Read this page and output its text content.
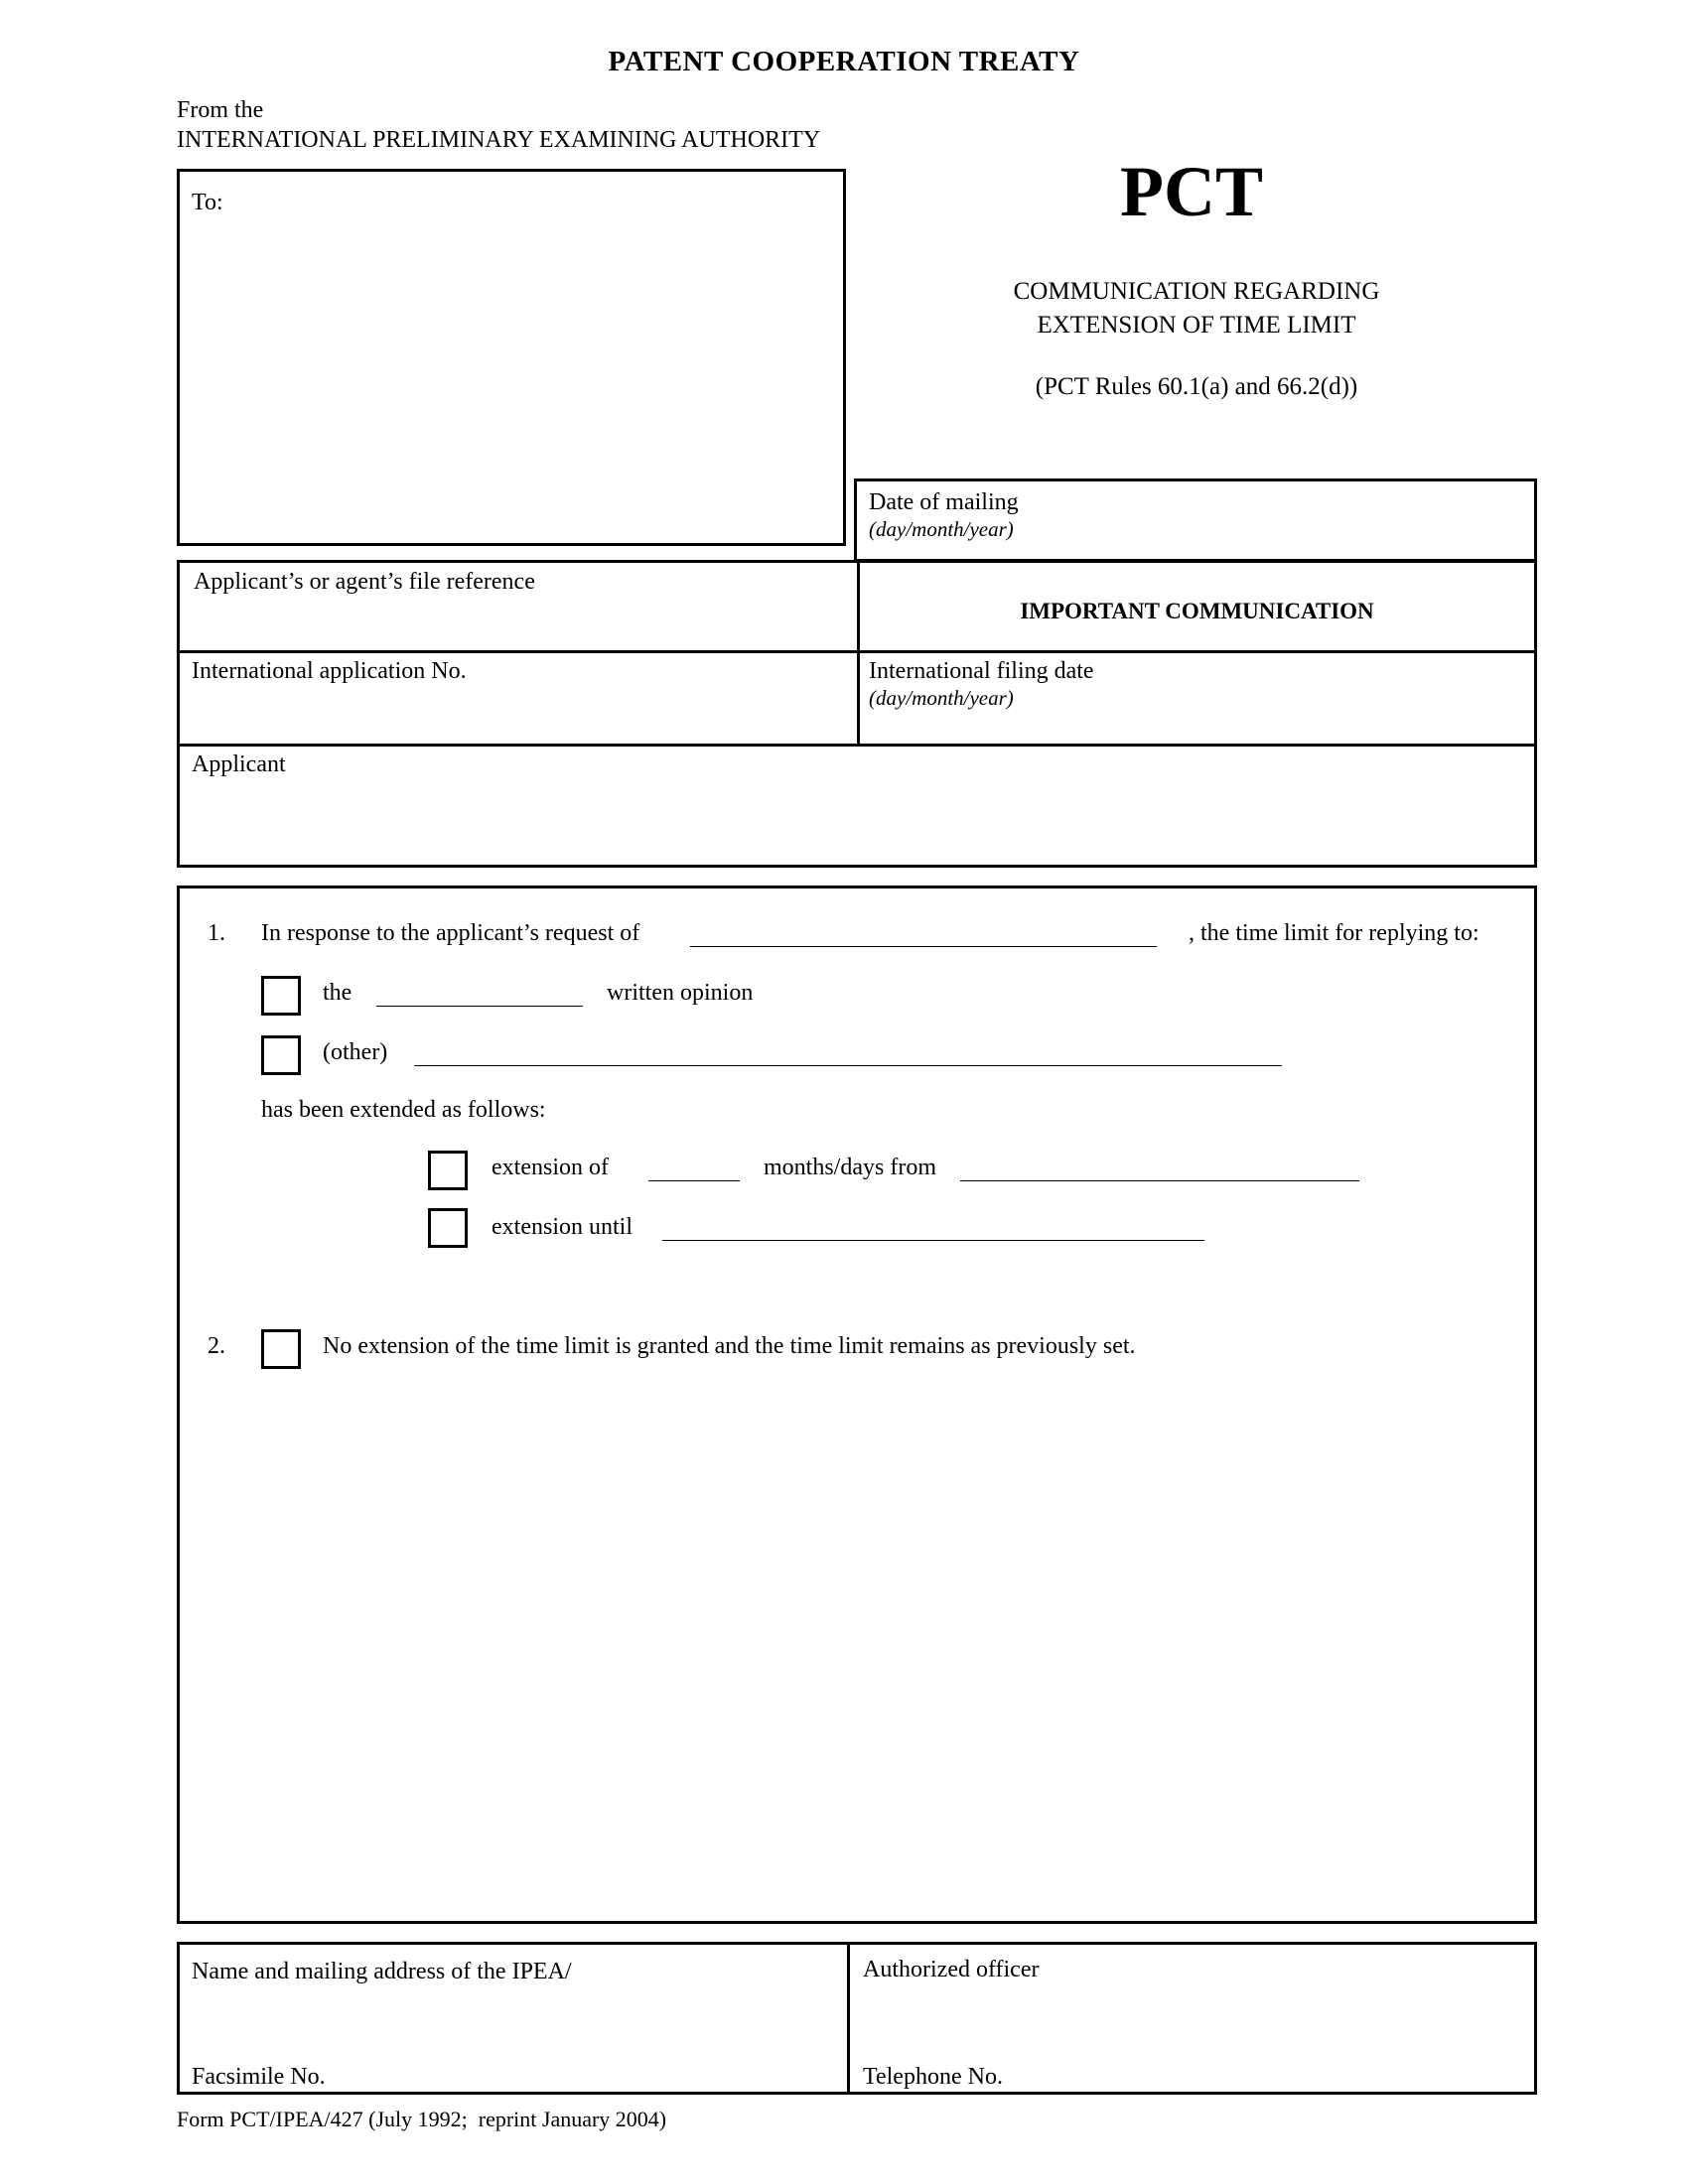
PATENT COOPERATION TREATY
From the
INTERNATIONAL PRELIMINARY EXAMINING AUTHORITY
To:	PCT
COMMUNICATION REGARDING
EXTENSION OF TIME LIMIT
(PCT Rules 60.1(a) and 66.2(d))
Date of mailing
(day/month/year)
Applicant’s or agent’s file reference
IMPORTANT COMMUNICATION
International application No.	International filing date
(day/month/year)
Applicant
1. In response to the applicant’s request of	, the time limit for replying to:
the	written opinion
(other)
has been extended as follows:
extension of	months/days from
extension until
2.	No extension of the time limit is granted and the time limit remains as previously set.
Name and mailing address of the IPEA/
Facsimile No.
Authorized officer
Telephone No.
Form PCT/IPEA/427 (July 1992;  reprint January 2004)
